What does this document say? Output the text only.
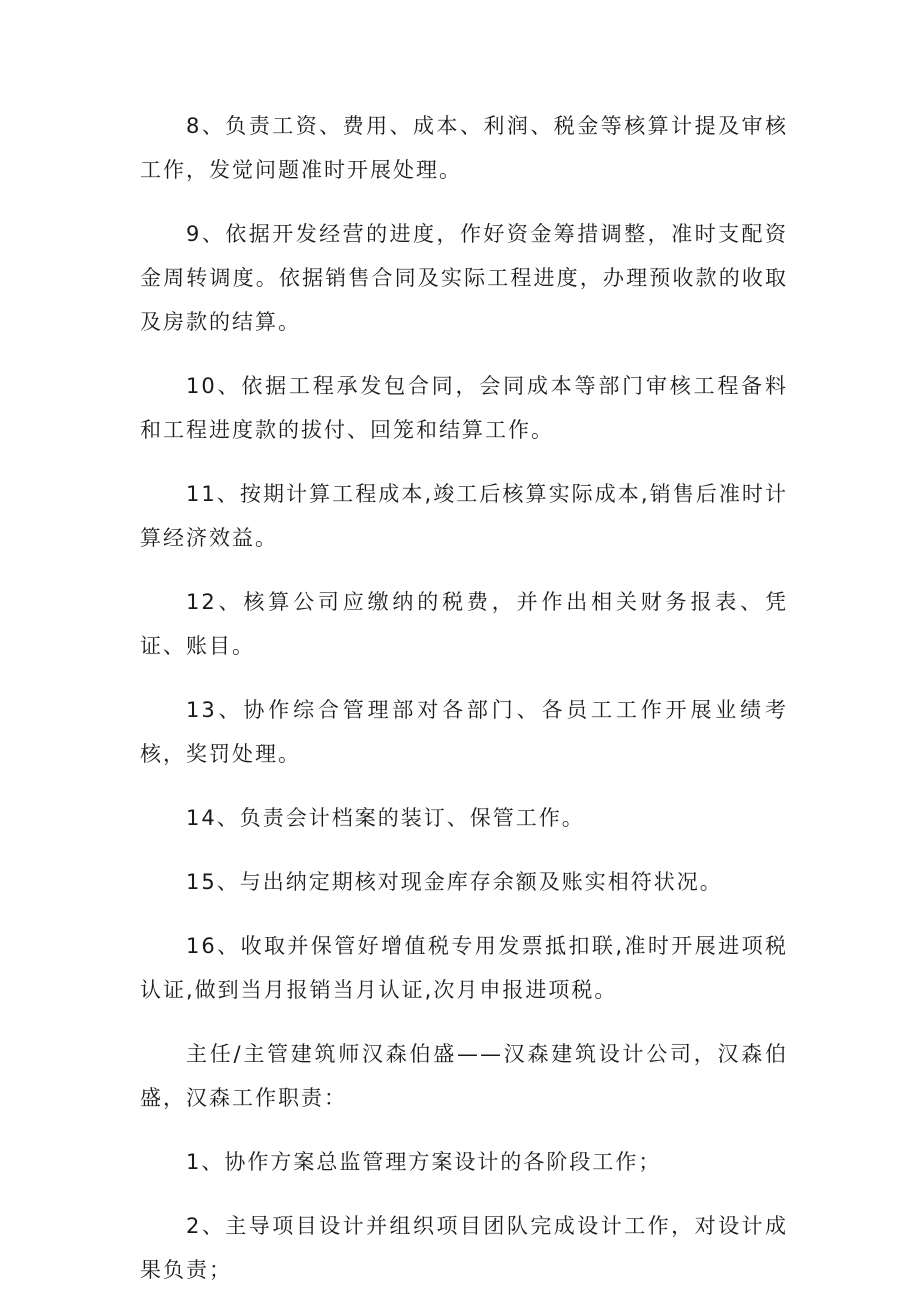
8、负责工资、费用、成本、利润、税金等核算计提及审核工作，发觉问题准时开展处理。

9、依据开发经营的进度，作好资金筹措调整，准时支配资金周转调度。依据销售合同及实际工程进度，办理预收款的收取及房款的结算。

10、依据工程承发包合同，会同成本等部门审核工程备料和工程进度款的拔付、回笼和结算工作。

11、按期计算工程成本,竣工后核算实际成本,销售后准时计算经济效益。

12、核算公司应缴纳的税费，并作出相关财务报表、凭证、账目。

13、协作综合管理部对各部门、各员工工作开展业绩考核，奖罚处理。

14、负责会计档案的装订、保管工作。

15、与出纳定期核对现金库存余额及账实相符状况。

16、收取并保管好增值税专用发票抵扣联,准时开展进项税认证,做到当月报销当月认证,次月申报进项税。

主任/主管建筑师汉森伯盛——汉森建筑设计公司，汉森伯盛，汉森工作职责：

1、协作方案总监管理方案设计的各阶段工作；

2、主导项目设计并组织项目团队完成设计工作，对设计成果负责；
